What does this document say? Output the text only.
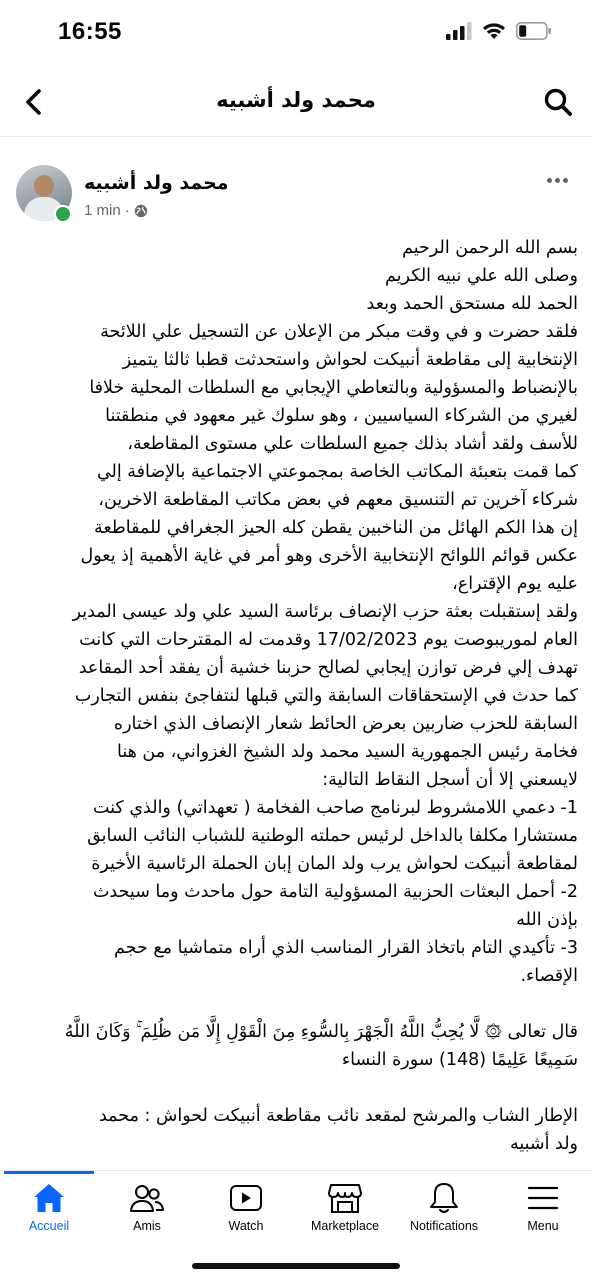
16:55
محمد ولد أشبيه
محمد ولد أشبيه
1 min ·

بسم الله الرحمن الرحيم

وصلى الله علي نبيه الكريم

الحمد لله مستحق الحمد وبعد

فلقد حضرت و في وقت مبكر من الإعلان عن التسجيل علي اللائحة

الإنتخابية إلى مقاطعة أنبيكت لحواش واستحدثت قطبا ثالثا يتميز

بالإنضباط والمسؤولية وبالتعاطي الإيجابي مع السلطات المحلية خلافا

لغيري من الشركاء السياسيين ، وهو سلوك غير معهود في منطقتنا

للأسف ولقد أشاد بذلك جميع السلطات علي مستوى المقاطعة،

كما قمت بتعبئة المكاتب الخاصة بمجموعتي الاجتماعية بالإضافة إلي

شركاء آخرين تم التنسيق معهم في بعض مكاتب المقاطعة الاخرين،

إن هذا الكم الهائل من الناخبين يقطن كله الحيز الجغرافي للمقاطعة

عكس قوائم اللوائح الإنتخابية الأخرى وهو أمر في غاية الأهمية إذ يعول

عليه يوم الإقتراع،

ولقد إستقبلت بعثة حزب الإنصاف برئاسة السيد علي ولد عيسى المدير

العام لموريبوصت يوم 17/02/2023 وقدمت له المقترحات التي كانت

تهدف إلي فرض توازن إيجابي لصالح حزبنا خشية أن يفقد أحد المقاعد

كما حدث في الإستحقاقات السابقة والتي قبلها لنتفاجئ بنفس التجارب

السابقة للحزب ضاربين بعرض الحائط شعار الإنصاف الذي اختاره

فخامة رئيس الجمهورية السيد محمد ولد الشيخ الغزواني، من هنا

لايسعني إلا أن أسجل النقاط التالية:

1- دعمي اللامشروط لبرنامج صاحب الفخامة ( تعهداتي) والذي كنت

مستشارا مكلفا بالداخل لرئيس حملته الوطنية للشباب النائب السابق

لمقاطعة أنبيكت لحواش يرب ولد المان إبان الحملة الرئاسية الأخيرة

2- أحمل البعثات الحزبية المسؤولية التامة حول ماحدث وما سيحدث

بإذن الله

3- تأكيدي التام باتخاذ القرار المناسب الذي أراه متماشيا مع حجم

الإقصاء.

قال تعالى ۞ لَّا يُحِبُّ اللَّهُ الْجَهْرَ بِالسُّوءِ مِنَ الْقَوْلِ إِلَّا مَن ظُلِمَ ۚ وَكَانَ اللَّهُ

سَمِيعًا عَلِيمًا (148) سورة النساء

الإطار الشاب والمرشح لمقعد نائب مقاطعة أنبيكت لحواش : محمد

ولد أشبيه

Accueil	Amis	Watch	Marketplace Notifications	Menu
